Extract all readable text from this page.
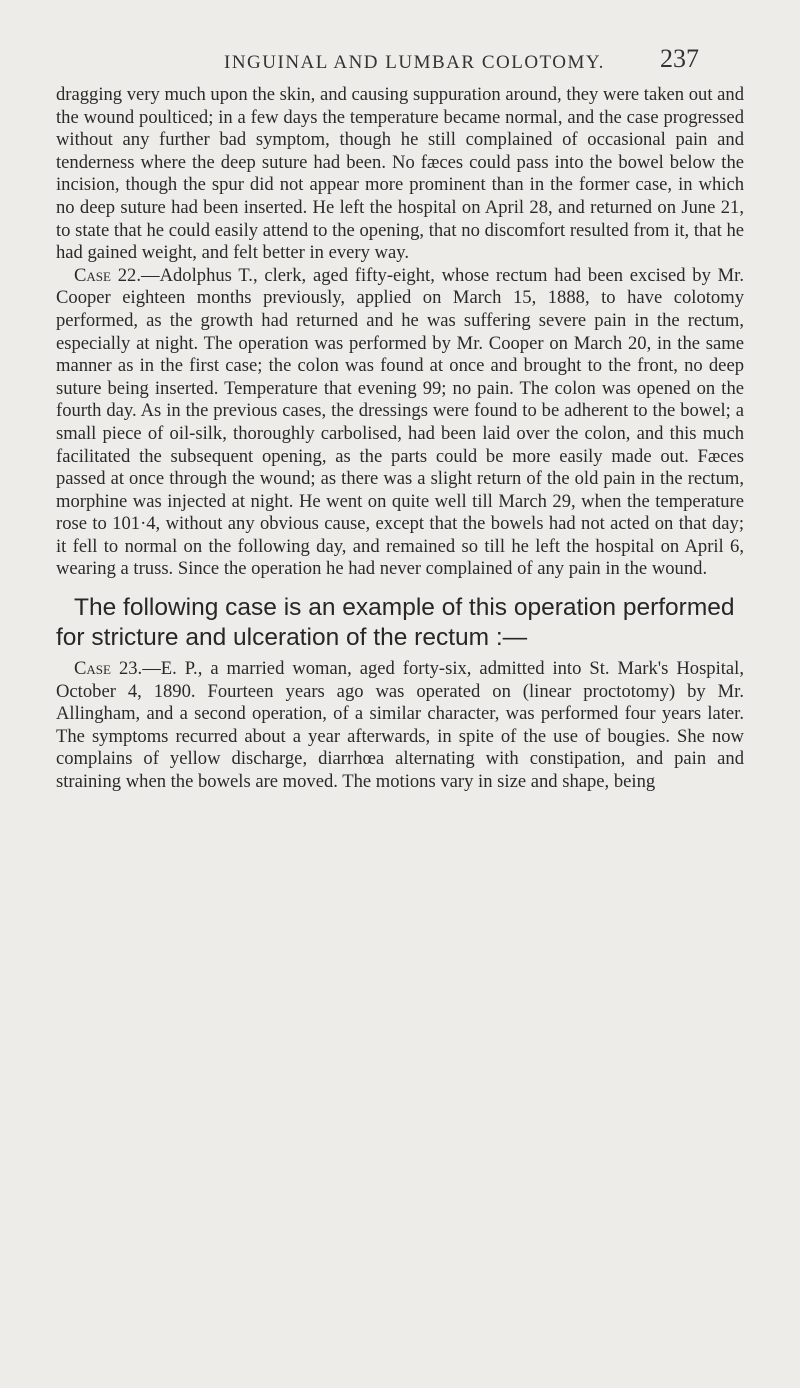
INGUINAL AND LUMBAR COLOTOMY. 237

dragging very much upon the skin, and causing suppuration around, they were taken out and the wound poulticed; in a few days the temperature became normal, and the case progressed without any further bad symptom, though he still complained of occasional pain and tenderness where the deep suture had been. No fæces could pass into the bowel below the incision, though the spur did not appear more prominent than in the former case, in which no deep suture had been inserted. He left the hospital on April 28, and returned on June 21, to state that he could easily attend to the opening, that no discomfort resulted from it, that he had gained weight, and felt better in every way.

Case 22.—Adolphus T., clerk, aged fifty-eight, whose rectum had been excised by Mr. Cooper eighteen months previously, applied on March 15, 1888, to have colotomy performed, as the growth had returned and he was suffering severe pain in the rectum, especially at night. The operation was performed by Mr. Cooper on March 20, in the same manner as in the first case; the colon was found at once and brought to the front, no deep suture being inserted. Temperature that evening 99; no pain. The colon was opened on the fourth day. As in the previous cases, the dressings were found to be adherent to the bowel; a small piece of oil-silk, thoroughly carbolised, had been laid over the colon, and this much facilitated the subsequent opening, as the parts could be more easily made out. Fæces passed at once through the wound; as there was a slight return of the old pain in the rectum, morphine was injected at night. He went on quite well till March 29, when the temperature rose to 101·4, without any obvious cause, except that the bowels had not acted on that day; it fell to normal on the following day, and remained so till he left the hospital on April 6, wearing a truss. Since the operation he had never complained of any pain in the wound.

The following case is an example of this operation performed for stricture and ulceration of the rectum :—

Case 23.—E. P., a married woman, aged forty-six, admitted into St. Mark's Hospital, October 4, 1890. Fourteen years ago was operated on (linear proctotomy) by Mr. Allingham, and a second operation, of a similar character, was performed four years later. The symptoms recurred about a year afterwards, in spite of the use of bougies. She now complains of yellow discharge, diarrhœa alternating with constipation, and pain and straining when the bowels are moved. The motions vary in size and shape, being
